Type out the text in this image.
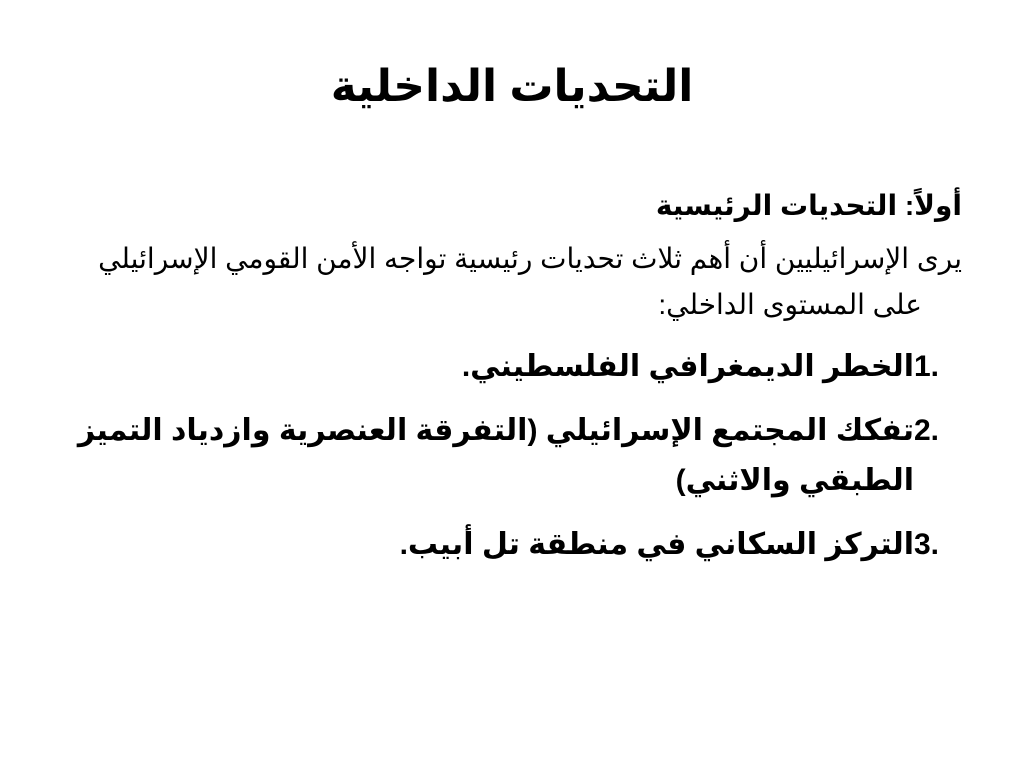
التحديات الداخلية

أولاً: التحديات الرئيسية

يرى الإسرائيليين أن أهم ثلاث تحديات رئيسية تواجه الأمن القومي الإسرائيلي على المستوى الداخلي:

1.
الخطر الديمغرافي الفلسطيني.
2.
تفكك المجتمع الإسرائيلي (التفرقة العنصرية وازدياد التميز الطبقي والاثني)
3.
التركز السكاني في منطقة تل أبيب.
